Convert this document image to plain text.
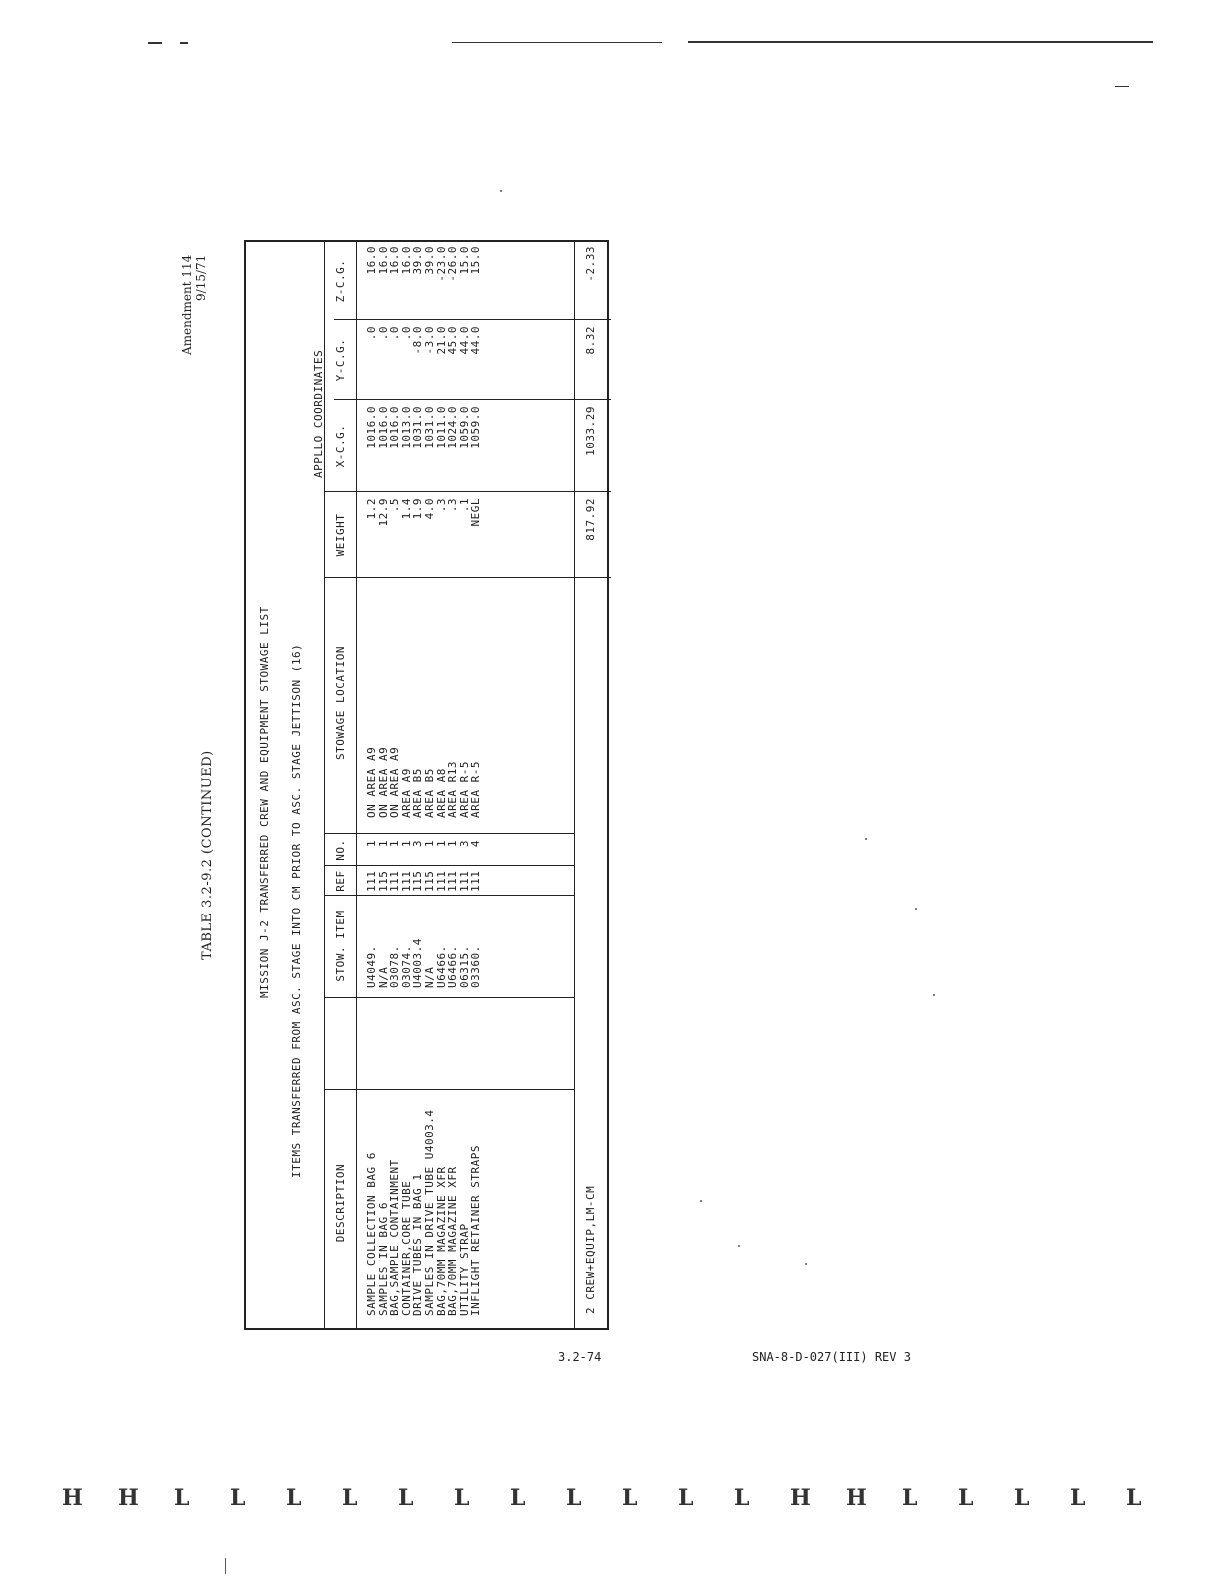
Amendment 114 9/15/71
TABLE 3.2-9.2 (CONTINUED)	MISSION J-2 TRANSFERRED CREW AND EQUIPMENT STOWAGE LIST ITEMS TRANSFERRED FROM ASC. STAGE INTO CM PRIOR TO ASC. STAGE JETTISON (16)
APPLLO COORDINATES
DESCRIPTION
STOW. ITEM
REF
NO.
STOWAGE LOCATION
WEIGHT
X-C.G.
Y-C.G.
Z-C.G.
SAMPLE COLLECTION BAG 6
U4049.
111
1
ON AREA A9
1.2
1016.0
.0
16.0
SAMPLES IN BAG 6
N/A
115
1
ON AREA A9
12.9
1016.0
.0
16.0
BAG,SAMPLE CONTAINMENT
03078.
111
1
ON AREA A9
.5
1016.0
.0
16.0
CONTAINER,CORE TUBE
03074.
111
1
AREA A9
1.4
1013.0
.0
16.0
DRIVE TUBES IN BAG 1
U4003.4
115
3
AREA B5
1.9
1031.0
-8.0
39.0
SAMPLES IN DRIVE TUBE U4003.4
N/A
115
1
AREA B5
4.0
1031.0
-3.0
39.0
BAG,70MM MAGAZINE XFR
U6466.
111
1
AREA A8
.3
1011.0
21.0
-23.0
BAG,70MM MAGAZINE XFR
U6466.
111
1
AREA R13
.3
1024.0
45.0
-26.0
UTILITY STRAP
06315.
111
3
AREA R-5
.1
1059.0
44.0
15.0
INFLIGHT RETAINER STRAPS
03360.
111
4
AREA R-5
NEGL
1059.0
44.0
15.0
2 CREW+EQUIP,LM-CM
817.92
1033.29
8.32
-2.33
3.2-74	SNA-8-D-027(III) REV 3
H H L L L L L L L L L L L H H L L L L L
